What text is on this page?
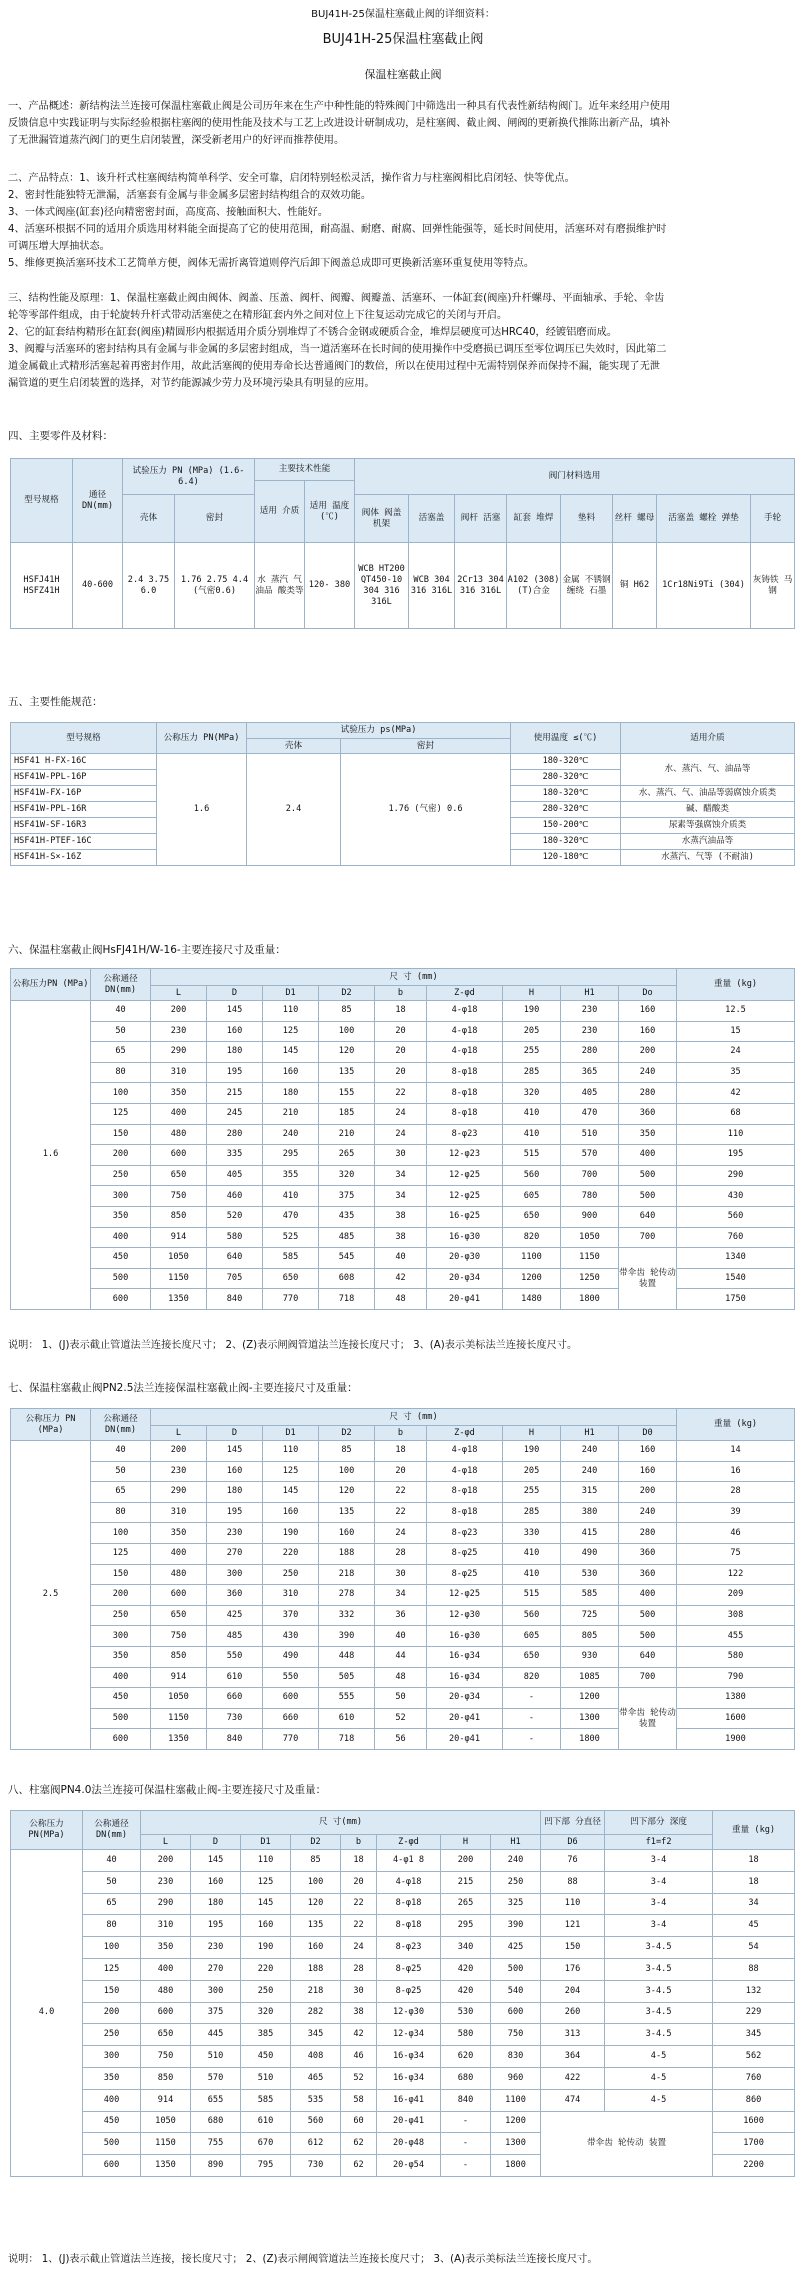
BUJ41H-25保温柱塞截止阀的详细资料：
BUJ41H-25保温柱塞截止阀
保温柱塞截止阀
一、产品概述：新结构法兰连接可保温柱塞截止阀是公司历年来在生产中种性能的特殊阀门中筛选出一种具有代表性新结构阀门。近年来经用户使用
反馈信息中实践证明与实际经验根据柱塞阀的使用性能及技术与工艺上改进设计研制成功，是柱塞阀、截止阀、闸阀的更新换代推陈出新产品，填补
了无泄漏管道蒸汽阀门的更生启闭装置，深受新老用户的好评而推荐使用。
二、产品特点：1、该升杆式柱塞阀结构简单科学、安全可靠，启闭特别轻松灵活，操作省力与柱塞阀相比启闭轻、快等优点。
2、密封性能独特无泄漏，活塞套有金属与非金属多层密封结构组合的双效功能。
3、一体式阀座(缸套)径向精密密封面，高度高、接触面积大、性能好。
4、活塞环根据不同的适用介质选用材料能全面提高了它的使用范围，耐高温、耐磨、耐腐、回弹性能强等，延长时间使用，活塞环对有磨损维护时
可调压增大厚抽状态。
5、维修更换活塞环技术工艺简单方便，阀体无需折离管道则停汽后卸下阀盖总成即可更换新活塞环重复使用等特点。
三、结构性能及原理：1、保温柱塞截止阀由阀体、阀盖、压盖、阀杆、阀瓣、阀瓣盖、活塞环、一体缸套(阀座)升杆螺母、平面轴承、手轮、伞齿
轮等零部件组成，由于轮旋转升杆式带动活塞使之在精形缸套内外之间对位上下往复运动完成它的关闭与开启。
2、它的缸套结构精形在缸套(阀座)精圆形内根据适用介质分别堆焊了不锈合金钢或硬质合金，堆焊层硬度可达HRC40，经镀铝磨而成。
3、阀瓣与活塞环的密封结构具有金属与非金属的多层密封组成，当一道活塞环在长时间的使用操作中受磨损已调压至零位调压已失效时，因此第二
道金属截止式精形活塞起着再密封作用，故此活塞阀的使用寿命长达普通阀门的数倍，所以在使用过程中无需特别保养而保持不漏，能实现了无泄
漏管道的更生启闭装置的选择，对节约能源减少劳力及环境污染具有明显的应用。
四、主要零件及材料：
型号规格	通径 DN(mm)	试验压力 PN (MPa) (1.6-6.4)		主要技术性能		阀门材料选用							
				适用 介质	适用 温度 (℃)								
		壳体	密封			阀体 阀盖 机架	活塞盖	阀杆 活塞	缸套 堆焊	垫料	丝杆 螺母	活塞盖 螺栓 弹垫	手轮
HSFJ41H HSFZ41H	40-600	2.4 3.75 6.0	1.76 2.75 4.4 (气密0.6)	水 蒸汽 气 油品 酸类等	120- 380	WCB HT200 QT450-10 304 316 316L	WCB 304 316 316L	2Cr13 304 316 316L	A102 (308) (T)合金	金属 不锈钢 缠绕 石墨	铜 H62	1Cr18Ni9Ti (304)	灰铸铁 马钢
五、主要性能规范：
型号规格	公称压力 PN(MPa)	试验压力 ps(MPa)		使用温度 ≤(℃)	适用介质
		壳体	密封		
HSF41 H-FX-16C	1.6	2.4	1.76 (气密) 0.6	180-320℃	水、蒸汽、气、油品等
HSF41W-PPL-16P				280-320℃	
HSF41W-FX-16P				180-320℃	水、蒸汽、气、油品等弱腐蚀介质类
HSF41W-PPL-16R				280-320℃	碱、醋酸类
HSF41W-SF-16R3				150-200℃	尿素等强腐蚀介质类
HSF41H-PTEF-16C				180-320℃	水蒸汽油品等
HSF41H-S×-16Z				120-180℃	水蒸汽、气等 (不耐油)
六、保温柱塞截止阀HsFJ41H/W-16-主要连接尺寸及重量：
公称压力PN (MPa)	公称通径 DN(mm)	尺 寸 (mm)									重量 (kg)
		L	D	D1	D2	b	Z-φd	H	H1	Do	
1.6	40	200	145	110	85	18	4-φ18	190	230	160	12.5
	50	230	160	125	100	20	4-φ18	205	230	160	15
	65	290	180	145	120	20	4-φ18	255	280	200	24
	80	310	195	160	135	20	8-φ18	285	365	240	35
	100	350	215	180	155	22	8-φ18	320	405	280	42
	125	400	245	210	185	24	8-φ18	410	470	360	68
	150	480	280	240	210	24	8-φ23	410	510	350	110
	200	600	335	295	265	30	12-φ23	515	570	400	195
	250	650	405	355	320	34	12-φ25	560	700	500	290
	300	750	460	410	375	34	12-φ25	605	780	500	430
	350	850	520	470	435	38	16-φ25	650	900	640	560
	400	914	580	525	485	38	16-φ30	820	1050	700	760
	450	1050	640	585	545	40	20-φ30	1100	1150	带伞齿 轮传动 装置	1340
	500	1150	705	650	608	42	20-φ34	1200	1250		1540
	600	1350	840	770	718	48	20-φ41	1480	1800		1750
说明： 1、(J)表示截止管道法兰连接长度尺寸； 2、(Z)表示闸阀管道法兰连接长度尺寸； 3、(A)表示美标法兰连接长度尺寸。
七、保温柱塞截止阀PN2.5法兰连接保温柱塞截止阀-主要连接尺寸及重量：
公称压力 PN (MPa)	公称通径 DN(mm)	尺 寸 (mm)									重量 (kg)
		L	D	D1	D2	b	Z-φd	H	H1	D0	
2.5	40	200	145	110	85	18	4-φ18	190	240	160	14
	50	230	160	125	100	20	4-φ18	205	240	160	16
	65	290	180	145	120	22	8-φ18	255	315	200	28
	80	310	195	160	135	22	8-φ18	285	380	240	39
	100	350	230	190	160	24	8-φ23	330	415	280	46
	125	400	270	220	188	28	8-φ25	410	490	360	75
	150	480	300	250	218	30	8-φ25	410	530	360	122
	200	600	360	310	278	34	12-φ25	515	585	400	209
	250	650	425	370	332	36	12-φ30	560	725	500	308
	300	750	485	430	390	40	16-φ30	605	805	500	455
	350	850	550	490	448	44	16-φ34	650	930	640	580
	400	914	610	550	505	48	16-φ34	820	1085	700	790
	450	1050	660	600	555	50	20-φ34	-	1200	带伞齿 轮传动 装置	1380
	500	1150	730	660	610	52	20-φ41	-	1300		1600
	600	1350	840	770	718	56	20-φ41	-	1800		1900
八、柱塞阀PN4.0法兰连接可保温柱塞截止阀-主要连接尺寸及重量：
公称压力 PN(MPa)	公称通径 DN(mm)	尺 寸(mm)								凹下部 分直径	凹下部分 深度	重量 (kg)
		L	D	D1	D2	b	Z-φd	H	H1	D6	f1=f2	
4.0	40	200	145	110	85	18	4-φ1 8	200	240	76	3-4	18
	50	230	160	125	100	20	4-φ18	215	250	88	3-4	18
	65	290	180	145	120	22	8-φ18	265	325	110	3-4	34
	80	310	195	160	135	22	8-φ18	295	390	121	3-4	45
	100	350	230	190	160	24	8-φ23	340	425	150	3-4.5	54
	125	400	270	220	188	28	8-φ25	420	500	176	3-4.5	88
	150	480	300	250	218	30	8-φ25	420	540	204	3-4.5	132
	200	600	375	320	282	38	12-φ30	530	600	260	3-4.5	229
	250	650	445	385	345	42	12-φ34	580	750	313	3-4.5	345
	300	750	510	450	408	46	16-φ34	620	830	364	4-5	562
	350	850	570	510	465	52	16-φ34	680	960	422	4-5	760
	400	914	655	585	535	58	16-φ41	840	1100	474	4-5	860
	450	1050	680	610	560	60	20-φ41	-	1200	带伞齿 轮传动 装置		1600
	500	1150	755	670	612	62	20-φ48	-	1300			1700
	600	1350	890	795	730	62	20-φ54	-	1800			2200
说明： 1、(J)表示截止管道法兰连接，接长度尺寸； 2、(Z)表示闸阀管道法兰连接长度尺寸； 3、(A)表示美标法兰连接长度尺寸。
